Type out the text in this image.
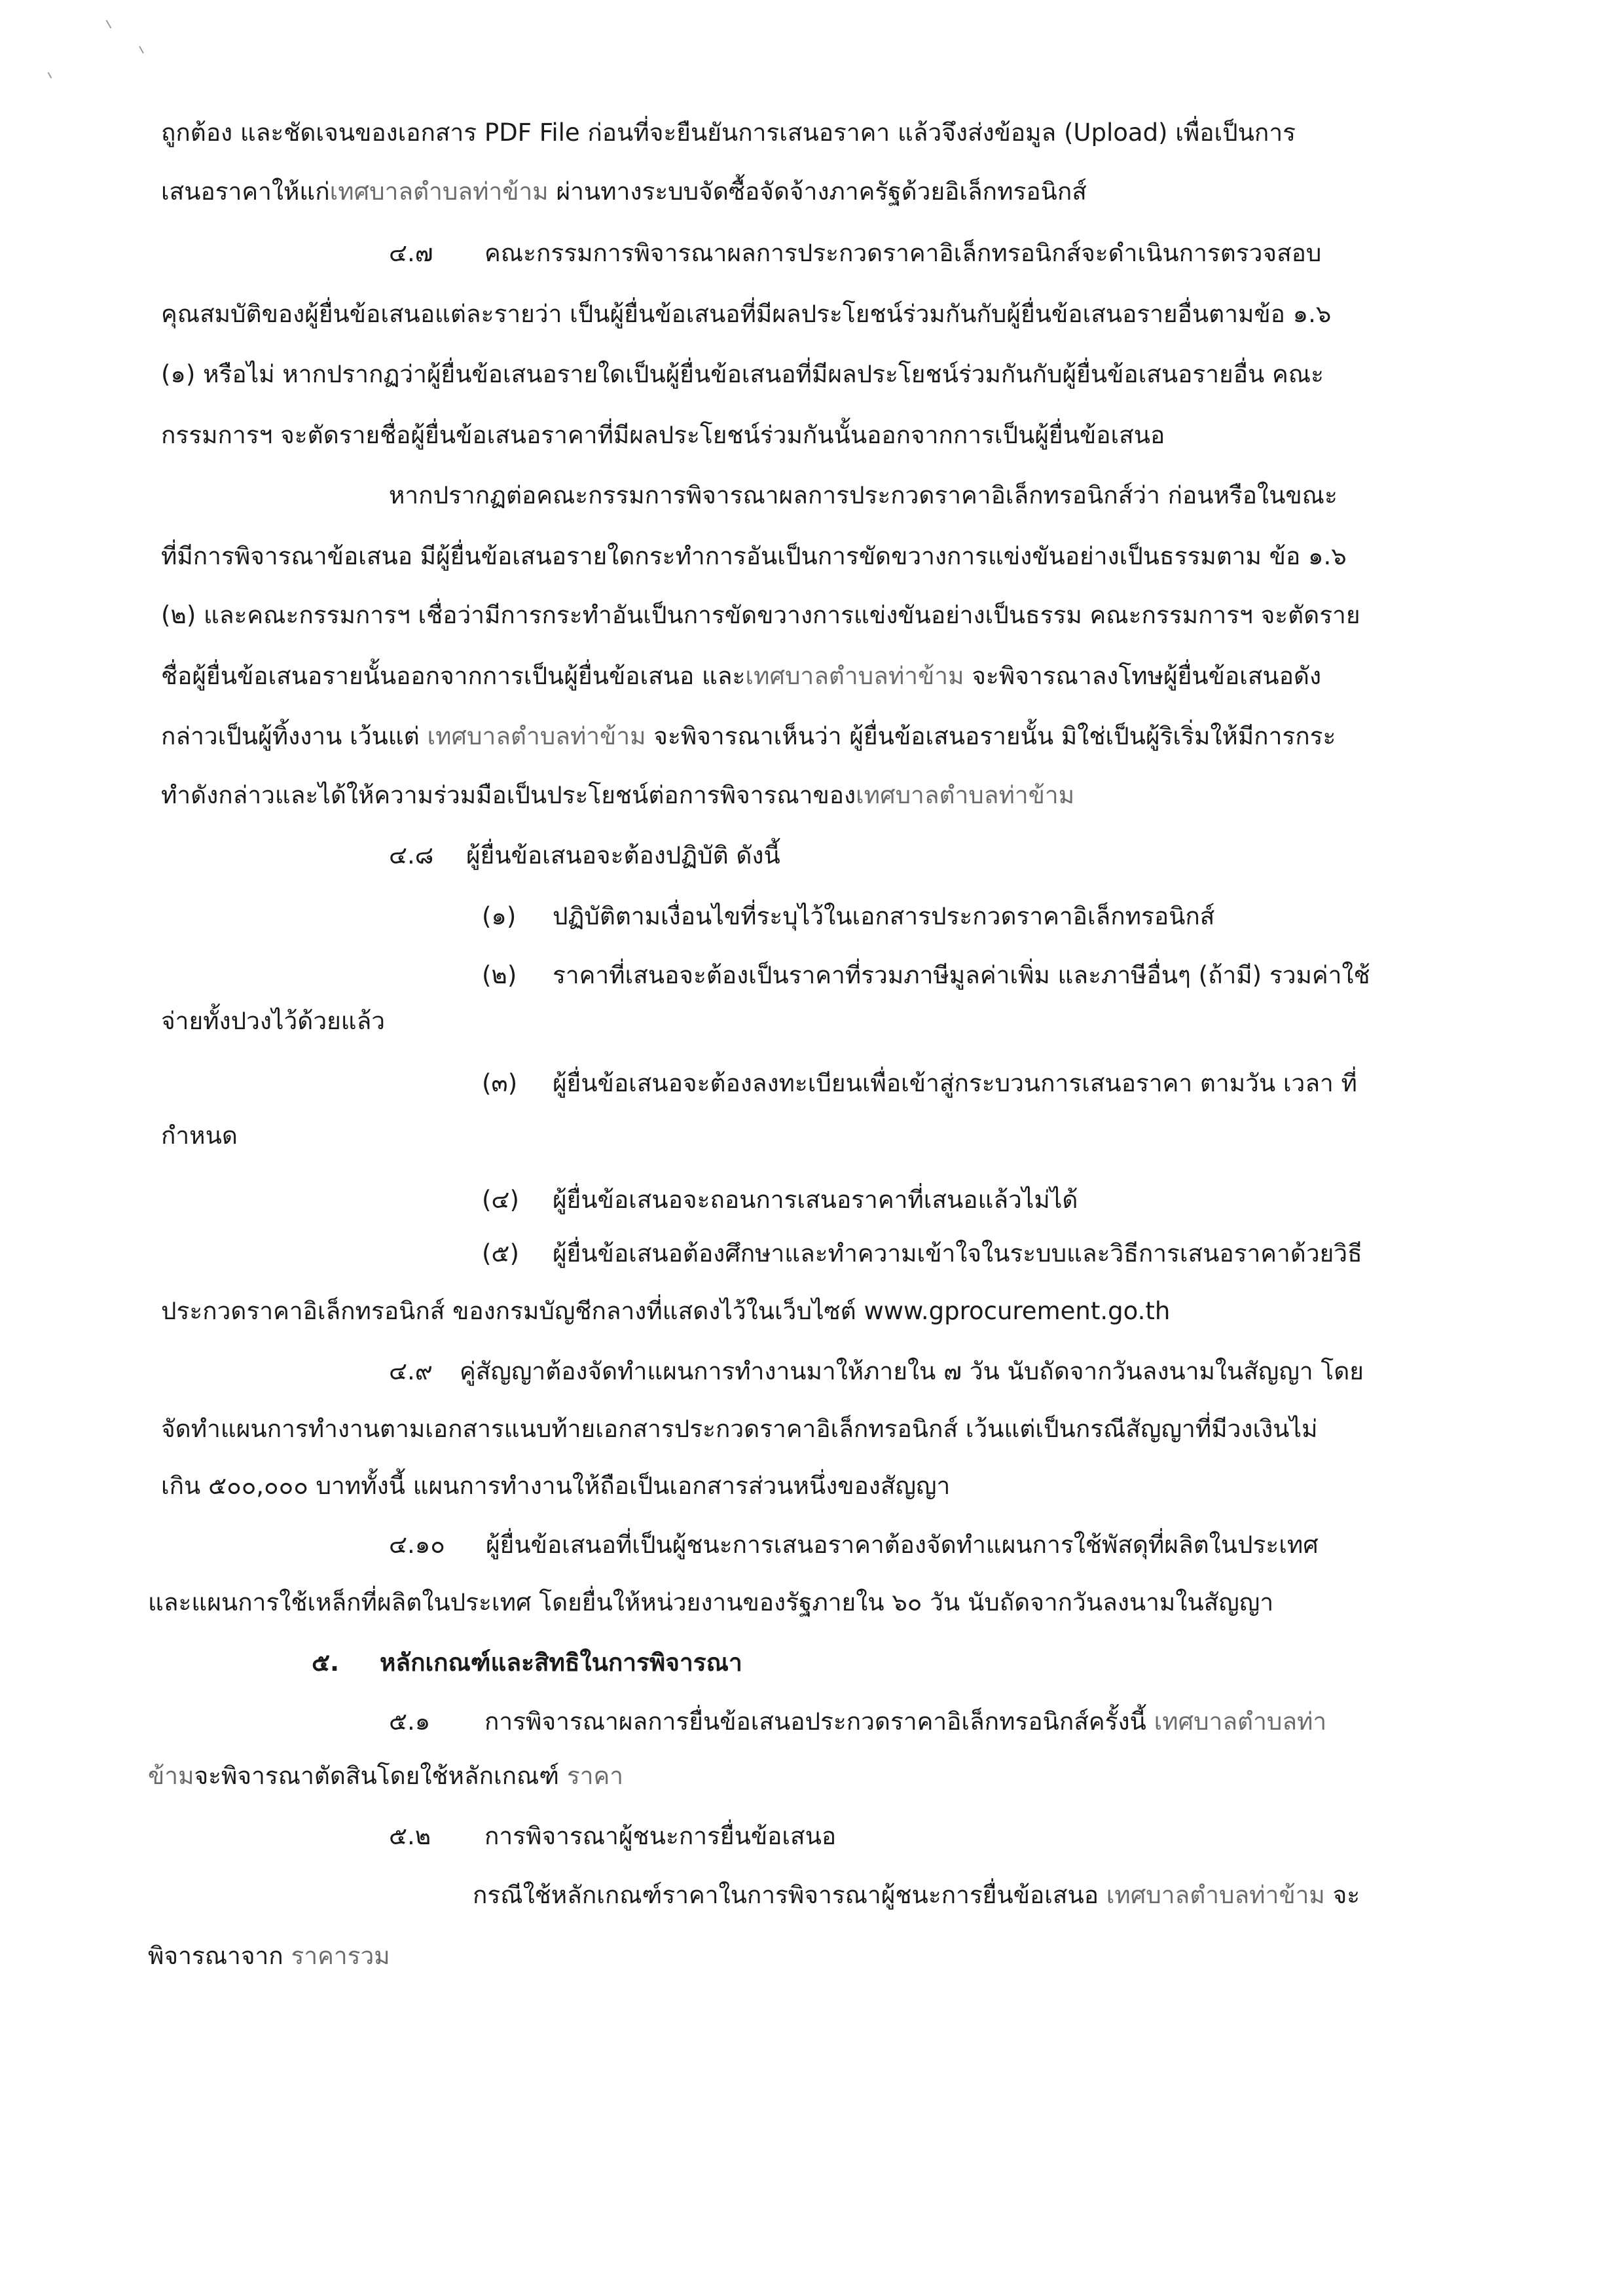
ถูกต้อง และชัดเจนของเอกสาร PDF File ก่อนที่จะยืนยันการเสนอราคา แล้วจึงส่งข้อมูล (Upload) เพื่อเป็นการ
เสนอราคาให้แก่เทศบาลตำบลท่าข้าม ผ่านทางระบบจัดซื้อจัดจ้างภาครัฐด้วยอิเล็กทรอนิกส์
๔.๗ คณะกรรมการพิจารณาผลการประกวดราคาอิเล็กทรอนิกส์จะดำเนินการตรวจสอบ
คุณสมบัติของผู้ยื่นข้อเสนอแต่ละรายว่า เป็นผู้ยื่นข้อเสนอที่มีผลประโยชน์ร่วมกันกับผู้ยื่นข้อเสนอรายอื่นตามข้อ ๑.๖
(๑) หรือไม่ หากปรากฏว่าผู้ยื่นข้อเสนอรายใดเป็นผู้ยื่นข้อเสนอที่มีผลประโยชน์ร่วมกันกับผู้ยื่นข้อเสนอรายอื่น คณะ
กรรมการฯ จะตัดรายชื่อผู้ยื่นข้อเสนอราคาที่มีผลประโยชน์ร่วมกันนั้นออกจากการเป็นผู้ยื่นข้อเสนอ
หากปรากฏต่อคณะกรรมการพิจารณาผลการประกวดราคาอิเล็กทรอนิกส์ว่า ก่อนหรือในขณะ
ที่มีการพิจารณาข้อเสนอ มีผู้ยื่นข้อเสนอรายใดกระทำการอันเป็นการขัดขวางการแข่งขันอย่างเป็นธรรมตาม ข้อ ๑.๖
(๒) และคณะกรรมการฯ เชื่อว่ามีการกระทำอันเป็นการขัดขวางการแข่งขันอย่างเป็นธรรม คณะกรรมการฯ จะตัดราย
ชื่อผู้ยื่นข้อเสนอรายนั้นออกจากการเป็นผู้ยื่นข้อเสนอ และเทศบาลตำบลท่าข้าม จะพิจารณาลงโทษผู้ยื่นข้อเสนอดัง
กล่าวเป็นผู้ทิ้งงาน เว้นแต่ เทศบาลตำบลท่าข้าม จะพิจารณาเห็นว่า ผู้ยื่นข้อเสนอรายนั้น มิใช่เป็นผู้ริเริ่มให้มีการกระ
ทำดังกล่าวและได้ให้ความร่วมมือเป็นประโยชน์ต่อการพิจารณาของเทศบาลตำบลท่าข้าม
๔.๘ ผู้ยื่นข้อเสนอจะต้องปฏิบัติ ดังนี้
(๑) ปฏิบัติตามเงื่อนไขที่ระบุไว้ในเอกสารประกวดราคาอิเล็กทรอนิกส์
(๒) ราคาที่เสนอจะต้องเป็นราคาที่รวมภาษีมูลค่าเพิ่ม และภาษีอื่นๆ (ถ้ามี) รวมค่าใช้
จ่ายทั้งปวงไว้ด้วยแล้ว
(๓) ผู้ยื่นข้อเสนอจะต้องลงทะเบียนเพื่อเข้าสู่กระบวนการเสนอราคา ตามวัน เวลา ที่
กำหนด
(๔) ผู้ยื่นข้อเสนอจะถอนการเสนอราคาที่เสนอแล้วไม่ได้
(๕) ผู้ยื่นข้อเสนอต้องศึกษาและทำความเข้าใจในระบบและวิธีการเสนอราคาด้วยวิธี
ประกวดราคาอิเล็กทรอนิกส์ ของกรมบัญชีกลางที่แสดงไว้ในเว็บไซต์ www.gprocurement.go.th
๔.๙ คู่สัญญาต้องจัดทำแผนการทำงานมาให้ภายใน ๗ วัน นับถัดจากวันลงนามในสัญญา โดย
จัดทำแผนการทำงานตามเอกสารแนบท้ายเอกสารประกวดราคาอิเล็กทรอนิกส์ เว้นแต่เป็นกรณีสัญญาที่มีวงเงินไม่
เกิน ๕๐๐,๐๐๐ บาททั้งนี้ แผนการทำงานให้ถือเป็นเอกสารส่วนหนึ่งของสัญญา
๔.๑๐ ผู้ยื่นข้อเสนอที่เป็นผู้ชนะการเสนอราคาต้องจัดทำแผนการใช้พัสดุที่ผลิตในประเทศ
และแผนการใช้เหล็กที่ผลิตในประเทศ โดยยื่นให้หน่วยงานของรัฐภายใน ๖๐ วัน นับถัดจากวันลงนามในสัญญา
๕. หลักเกณฑ์และสิทธิในการพิจารณา
๕.๑ การพิจารณาผลการยื่นข้อเสนอประกวดราคาอิเล็กทรอนิกส์ครั้งนี้ เทศบาลตำบลท่า
ข้ามจะพิจารณาตัดสินโดยใช้หลักเกณฑ์ ราคา
๕.๒ การพิจารณาผู้ชนะการยื่นข้อเสนอ
กรณีใช้หลักเกณฑ์ราคาในการพิจารณาผู้ชนะการยื่นข้อเสนอ เทศบาลตำบลท่าข้าม จะ
พิจารณาจาก ราคารวม
